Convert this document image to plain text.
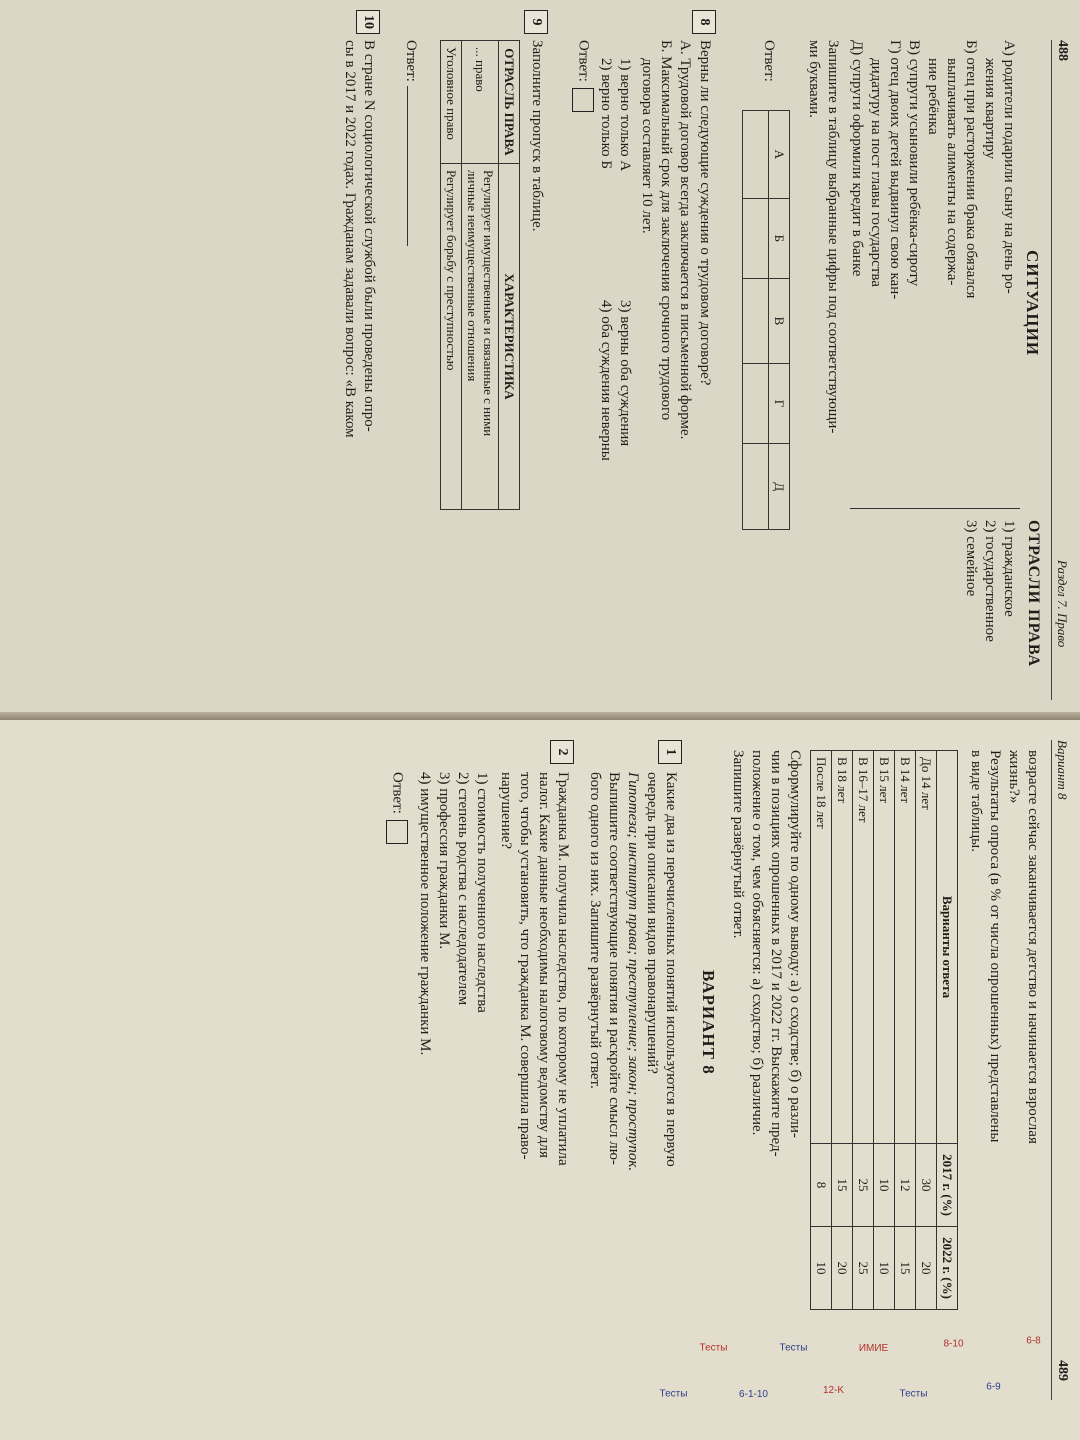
488
Раздел 7. Право
СИТУАЦИИ
ОТРАСЛИ ПРАВА
А) родители подарили сыну на день ро-
жения квартиру
Б) отец при расторжении брака обязался
выплачивать алименты на содержа-
ние ребёнка
В) супруги усыновили ребёнка-сироту
Г) отец двоих детей выдвинул свою кан-
дидатуру на пост главы государства
Д) супруги оформили кредит в банке
1) гражданское
2) государственное
3) семейное
Запишите в таблицу выбранные цифры под соответствующи-
ми буквами.
Ответ:
А	Б	В	Г	Д

8
Верны ли следующие суждения о трудовом договоре?
А. Трудовой договор всегда заключается в письменной форме.
Б. Максимальный срок для заключения срочного трудового
договора составляет 10 лет.
1) верно только А
2) верно только Б
3) верны оба суждения
4) оба суждения неверны
Ответ:
9
Заполните пропуск в таблице.
ОТРАСЛЬ ПРАВА	ХАРАКТЕРИСТИКА
... право	Регулирует имущественные и связанные с ними
личные неимущественные отношения
Уголовное право	Регулирует борьбу с преступностью
Ответ:
10
В стране N социологической службой были проведены опро-
сы в 2017 и 2022 годах. Гражданам задавали вопрос: «В каком
Вариант 8
489
возрасте сейчас заканчивается детство и начинается взрослая
жизнь?»
Результаты опроса (в % от числа опрошенных) представлены
в виде таблицы.
Варианты ответа	2017 г. (%)	2022 г. (%)
До 14 лет	30	20
В 14 лет	12	15
В 15 лет	10	10
В 16–17 лет	25	25
В 18 лет	15	20
После 18 лет	8	10
Сформулируйте по одному выводу: а) о сходстве; б) о разли-
чии в позициях опрошенных в 2017 и 2022 гг. Выскажите пред-
положение о том, чем объясняется: а) сходство; б) различие.
Запишите развёрнутый ответ.
ВАРИАНТ 8
1
Какие два из перечисленных понятий используются в первую
очередь при описании видов правонарушений?
Гипотеза; институт права; преступление; закон; проступок.
Выпишите соответствующие понятия и раскройте смысл лю-
бого одного из них. Запишите развёрнутый ответ.
2
Гражданка М. получила наследство, по которому не уплатила
налог. Какие данные необходимы налоговому ведомству для
того, чтобы установить, что гражданка М. совершила право-
нарушение?
1) стоимость полученного наследства
2) степень родства с наследодателем
3) профессия гражданки М.
4) имущественное положение гражданки М.
Ответ:
6-8
6-9
8-10
Тесты
ИМИЕ
12-K
Тесты
6-1-10
Тесты
Тесты
